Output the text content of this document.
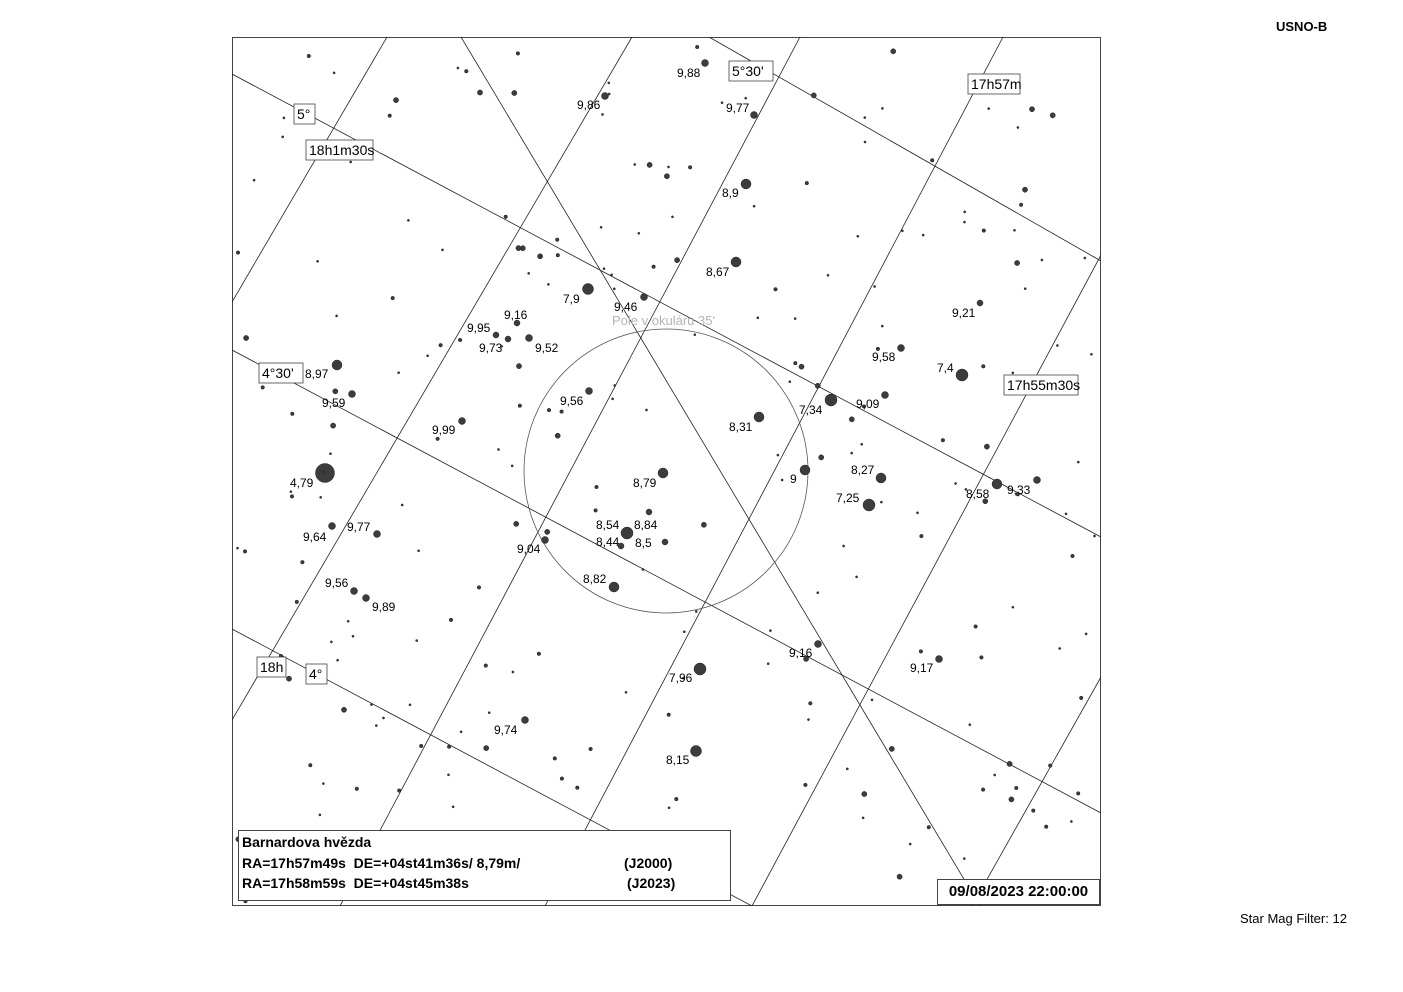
USNO-B
9,88
9,86	9,77
8,9
8,67
7,9
9,46
9,16
9,95
9,73	9,52
9,21
9,58
7,4
8,97
9,59	9,56
7,34	9,09
8,31
9,99
4,79	8,79	9
8,27
7,25	8,58 9,33
9,77
9,64
8,54 8,84
8,44 8,5
9,04
8,82
9,56
9,89
9,16
9,17
7,96
9,74
8,15
Pole v okuláru 35'
18h1m30s
17h57m
17h55m30s
18h
5°
5°30'
4°30'
4°
Barnardova hvězda
RA=17h57m49s  DE=+04st41m36s/ 8,79m/	(J2000)
RA=17h58m59s  DE=+04st45m38s	(J2023)	09/08/2023 22:00:00
Star Mag Filter: 12
